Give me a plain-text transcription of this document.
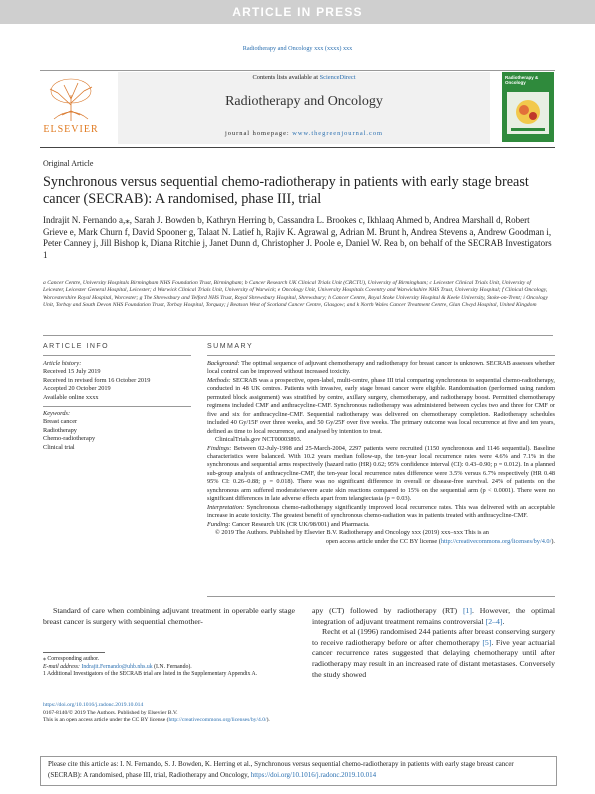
ARTICLE IN PRESS
Radiotherapy and Oncology xxx (xxxx) xxx
ELSEVIER
Contents lists available at ScienceDirect
Radiotherapy and Oncology
journal homepage: www.thegreenjournal.com
Radiotherapy & Oncology
Original Article
Synchronous versus sequential chemo-radiotherapy in patients with early stage breast cancer (SECRAB): A randomised, phase III, trial
Indrajit N. Fernando a,⁎, Sarah J. Bowden b, Kathryn Herring b, Cassandra L. Brookes c, Ikhlaaq Ahmed b, Andrea Marshall d, Robert Grieve e, Mark Churn f, David Spooner g, Talaat N. Latief h, Rajiv K. Agrawal g, Adrian M. Brunt h, Andrea Stevens a, Andrew Goodman i, Peter Canney j, Jill Bishop k, Diana Ritchie j, Janet Dunn d, Christopher J. Poole e, Daniel W. Rea b, on behalf of the SECRAB Investigators 1
a Cancer Centre, University Hospitals Birmingham NHS Foundation Trust, Birmingham; b Cancer Research UK Clinical Trials Unit (CRCTU), University of Birmingham; c Leicester Clinical Trials Unit, University of Leicester, Leicester General Hospital, Leicester; d Warwick Clinical Trials Unit, University of Warwick; e Oncology Unit, University Hospitals Coventry and Warwickshire NHS Trust, University Hospital; f Clinical Oncology, Worcestershire Royal Hospital, Worcester; g The Shrewsbury and Telford NHS Trust, Royal Shrewsbury Hospital, Shrewsbury; h Cancer Centre, Royal Stoke University Hospital & Keele University, Stoke-on-Trent; i Oncology Unit, Torbay and South Devon NHS Foundation Trust, Torbay Hospital, Torquay; j Beatson West of Scotland Cancer Centre, Glasgow; and k North Wales Cancer Treatment Centre, Glan Clwyd Hospital, United Kingdom
ARTICLE INFO	SUMMARY
Article history:
Received 15 July 2019
Received in revised form 16 October 2019
Accepted 20 October 2019
Available online xxxx
Keywords:
Breast cancer
Radiotherapy
Chemo-radiotherapy
Clinical trial

Background: The optimal sequence of adjuvant chemotherapy and radiotherapy for breast cancer is unknown. SECRAB assesses whether local control can be improved without increased toxicity.

Methods: SECRAB was a prospective, open-label, multi-centre, phase III trial comparing synchronous to sequential chemo-radiotherapy, conducted in 48 UK centres. Patients with invasive, early stage breast cancer were eligible. Randomisation (performed using random permuted block assignment) was stratified by centre, axillary surgery, chemotherapy, and radiotherapy boost. Permitted chemotherapy regimens included CMF and anthracycline-CMF. Synchronous radiotherapy was administered between cycles two and three for CMF or five and six for anthracycline-CMF. Sequential radiotherapy was delivered on chemotherapy completion. Radiotherapy schedules included 40 Gy/15F over three weeks, and 50 Gy/25F over five weeks. The primary outcome was local recurrence at five and ten years, defined as time to local recurrence, and analysed by intention to treat.

ClinicalTrials.gov NCT00003893.

Findings: Between 02-July-1998 and 25-March-2004, 2297 patients were recruited (1150 synchronous and 1146 sequential). Baseline characteristics were balanced. With 10.2 years median follow-up, the ten-year local recurrence rates were 4.6% and 7.1% in the synchronous and sequential arms respectively (hazard ratio (HR) 0.62; 95% confidence interval (CI): 0.43–0.90; p = 0.012). In a planned sub-group analysis of anthracycline-CMF, the ten-year local recurrence rates difference were 3.5% versus 6.7% respectively (HR 0.48 95% CI: 0.26–0.88; p = 0.018). There was no significant difference in overall or disease-free survival. 24% of patients on the synchronous arm suffered moderate/severe acute skin reactions compared to 15% on the sequential arm (p < 0.0001). There were no significant differences in late adverse effects apart from telangiectasia (p = 0.03).

Interpretation: Synchronous chemo-radiotherapy significantly improved local recurrence rates. This was delivered with an acceptable increase in acute toxicity. The greatest benefit of synchronous chemo-radiation was in patients treated with anthracycline-CMF.

Funding: Cancer Research UK (CR UK/98/001) and Pharmacia.

© 2019 The Authors. Published by Elsevier B.V. Radiotherapy and Oncology xxx (2019) xxx–xxx This is an

open access article under the CC BY license (http://creativecommons.org/licenses/by/4.0/).

Standard of care when combining adjuvant treatment in operable early stage breast cancer is surgery with sequential chemother-

apy (CT) followed by radiotherapy (RT) [1]. However, the optimal integration of adjuvant treatment remains controversial [2–4].

Recht et al (1996) randomised 244 patients after breast conserving surgery to receive radiotherapy before or after chemotherapy [5]. Five year actuarial cancer recurrence rates suggested that delaying chemotherapy until after radiotherapy may result in an increased rate of distant metastases. Conversely the study showed

⁎ Corresponding author.
E-mail address: Indrajit.Fernando@uhb.nhs.uk (I.N. Fernando).
1 Additional Investigators of the SECRAB trial are listed in the Supplementary Appendix A.
https://doi.org/10.1016/j.radonc.2019.10.014
0167-8140/© 2019 The Authors. Published by Elsevier B.V.
This is an open access article under the CC BY license (http://creativecommons.org/licenses/by/4.0/).
Please cite this article as: I. N. Fernando, S. J. Bowden, K. Herring et al., Synchronous versus sequential chemo-radiotherapy in patients with early stage breast cancer (SECRAB): A randomised, phase III, trial, Radiotherapy and Oncology, https://doi.org/10.1016/j.radonc.2019.10.014
